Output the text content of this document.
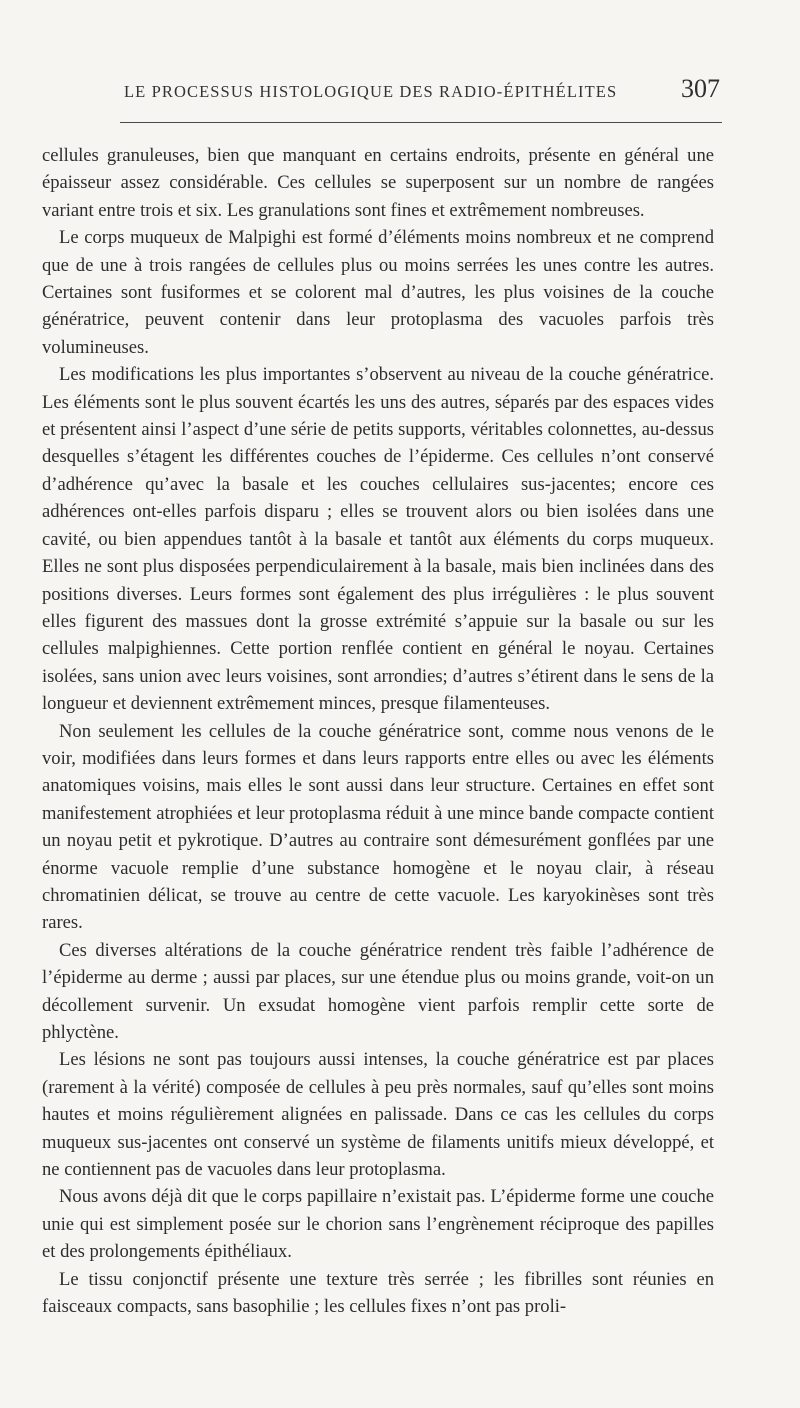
LE PROCESSUS HISTOLOGIQUE DES RADIO-ÉPITHÉLITES 307

cellules granuleuses, bien que manquant en certains endroits, présente en général une épaisseur assez considérable. Ces cellules se superposent sur un nombre de rangées variant entre trois et six. Les granulations sont fines et extrêmement nombreuses.

Le corps muqueux de Malpighi est formé d’éléments moins nombreux et ne comprend que de une à trois rangées de cellules plus ou moins serrées les unes contre les autres. Certaines sont fusiformes et se colorent mal d’autres, les plus voisines de la couche génératrice, peuvent contenir dans leur protoplasma des vacuoles parfois très volumineuses.

Les modifications les plus importantes s’observent au niveau de la couche génératrice. Les éléments sont le plus souvent écartés les uns des autres, séparés par des espaces vides et présentent ainsi l’aspect d’une série de petits supports, véritables colonnettes, au-dessus desquelles s’étagent les différentes couches de l’épiderme. Ces cellules n’ont conservé d’adhérence qu’avec la basale et les couches cellulaires sus-jacentes; encore ces adhérences ont-elles parfois disparu ; elles se trouvent alors ou bien isolées dans une cavité, ou bien appendues tantôt à la basale et tantôt aux éléments du corps muqueux. Elles ne sont plus disposées perpendiculairement à la basale, mais bien inclinées dans des positions diverses. Leurs formes sont également des plus irrégulières : le plus souvent elles figurent des massues dont la grosse extrémité s’appuie sur la basale ou sur les cellules malpighiennes. Cette portion renflée contient en général le noyau. Certaines isolées, sans union avec leurs voisines, sont arrondies; d’autres s’étirent dans le sens de la longueur et deviennent extrêmement minces, presque filamenteuses.

Non seulement les cellules de la couche génératrice sont, comme nous venons de le voir, modifiées dans leurs formes et dans leurs rapports entre elles ou avec les éléments anatomiques voisins, mais elles le sont aussi dans leur structure. Certaines en effet sont manifestement atrophiées et leur protoplasma réduit à une mince bande compacte contient un noyau petit et pykrotique. D’autres au contraire sont démesurément gonflées par une énorme vacuole remplie d’une substance homogène et le noyau clair, à réseau chromatinien délicat, se trouve au centre de cette vacuole. Les karyokinèses sont très rares.

Ces diverses altérations de la couche génératrice rendent très faible l’adhérence de l’épiderme au derme ; aussi par places, sur une étendue plus ou moins grande, voit-on un décollement survenir. Un exsudat homogène vient parfois remplir cette sorte de phlyctène.

Les lésions ne sont pas toujours aussi intenses, la couche génératrice est par places (rarement à la vérité) composée de cellules à peu près normales, sauf qu’elles sont moins hautes et moins régulièrement alignées en palissade. Dans ce cas les cellules du corps muqueux sus-jacentes ont conservé un système de filaments unitifs mieux développé, et ne contiennent pas de vacuoles dans leur protoplasma.

Nous avons déjà dit que le corps papillaire n’existait pas. L’épiderme forme une couche unie qui est simplement posée sur le chorion sans l’engrènement réciproque des papilles et des prolongements épithéliaux.

Le tissu conjonctif présente une texture très serrée ; les fibrilles sont réunies en faisceaux compacts, sans basophilie ; les cellules fixes n’ont pas proli-
